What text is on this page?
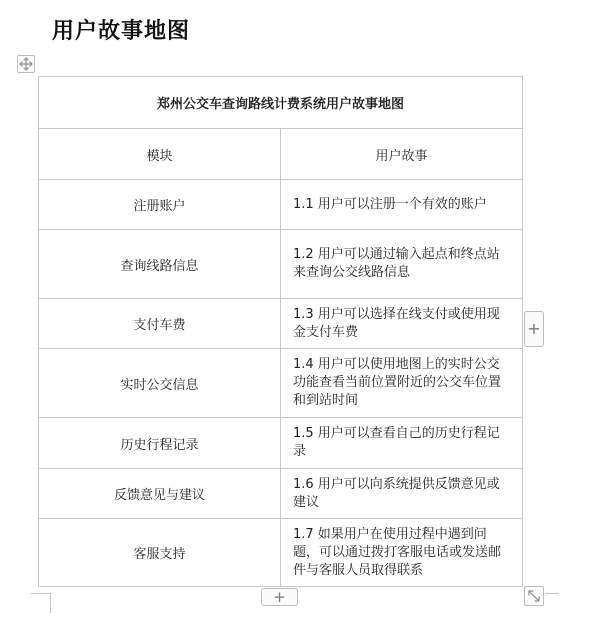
用户故事地图
郑州公交车查询路线计费系统用户故事地图	
模块	用户故事
注册账户	1.1 用户可以注册一个有效的账户
查询线路信息	1.2 用户可以通过输入起点和终点站来查询公交线路信息
支付车费	1.3 用户可以选择在线支付或使用现金支付车费
实时公交信息	1.4 用户可以使用地图上的实时公交功能查看当前位置附近的公交车位置和到站时间
历史行程记录	1.5 用户可以查看自己的历史行程记录
反馈意见与建议	1.6 用户可以向系统提供反馈意见或建议
客服支持	1.7 如果用户在使用过程中遇到问题，可以通过拨打客服电话或发送邮件与客服人员取得联系
+
+
